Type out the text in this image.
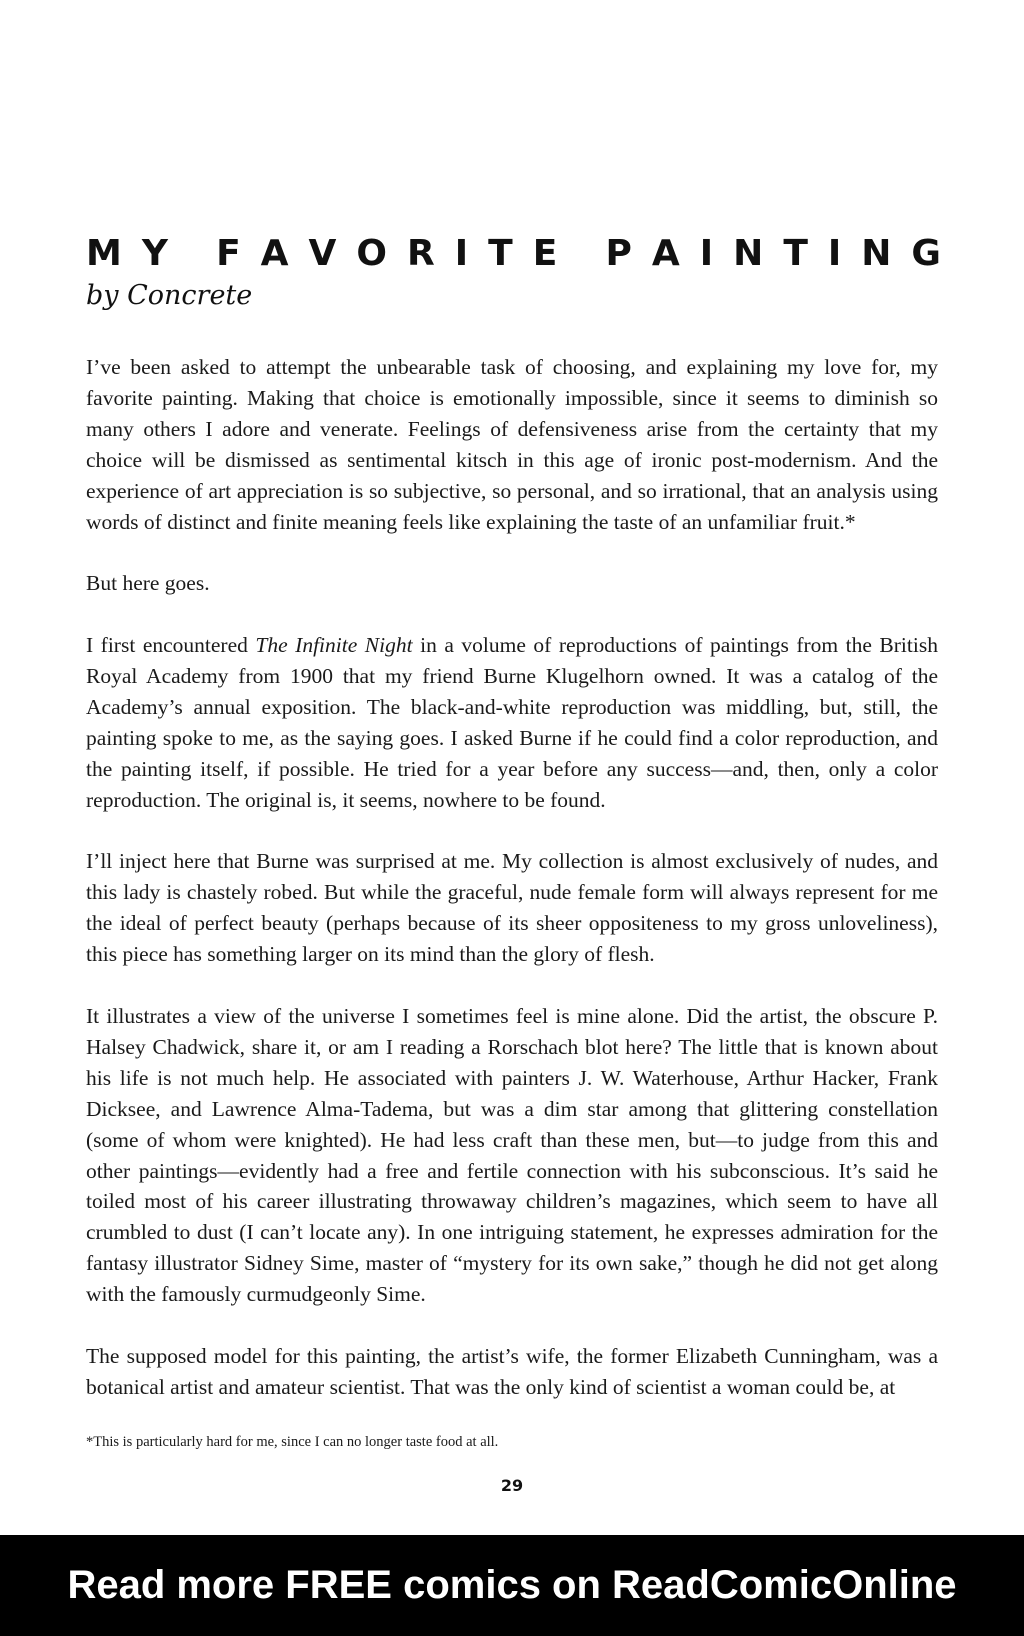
M Y F A V O R I T E P A I N T I N G

by Concrete

I’ve been asked to attempt the unbearable task of choosing, and explaining my love for, my favorite painting. Making that choice is emotionally impossible, since it seems to diminish so many others I adore and venerate. Feelings of defensiveness arise from the certainty that my choice will be dismissed as sentimental kitsch in this age of ironic post-modernism. And the experience of art appreciation is so subjective, so personal, and so irrational, that an analysis using words of distinct and finite meaning feels like explaining the taste of an unfamiliar fruit.*

But here goes.

I first encountered The Infinite Night in a volume of reproductions of paintings from the British Royal Academy from 1900 that my friend Burne Klugelhorn owned. It was a catalog of the Academy’s annual exposition. The black-and-white reproduction was middling, but, still, the painting spoke to me, as the saying goes. I asked Burne if he could find a color reproduction, and the painting itself, if possible. He tried for a year before any success—and, then, only a color reproduction. The original is, it seems, nowhere to be found.

I’ll inject here that Burne was surprised at me. My collection is almost exclusively of nudes, and this lady is chastely robed. But while the graceful, nude female form will always represent for me the ideal of perfect beauty (perhaps because of its sheer oppositeness to my gross unloveliness), this piece has something larger on its mind than the glory of flesh.

It illustrates a view of the universe I sometimes feel is mine alone. Did the artist, the obscure P. Halsey Chadwick, share it, or am I reading a Rorschach blot here? The little that is known about his life is not much help. He associated with painters J. W. Waterhouse, Arthur Hacker, Frank Dicksee, and Lawrence Alma-Tadema, but was a dim star among that glittering constellation (some of whom were knighted). He had less craft than these men, but—to judge from this and other paintings—evidently had a free and fertile connection with his subconscious. It’s said he toiled most of his career illustrating throwaway children’s magazines, which seem to have all crumbled to dust (I can’t locate any). In one intriguing statement, he expresses admiration for the fantasy illustrator Sidney Sime, master of “mystery for its own sake,” though he did not get along with the famously curmudgeonly Sime.

The supposed model for this painting, the artist’s wife, the former Elizabeth Cunningham, was a botanical artist and amateur scientist. That was the only kind of scientist a woman could be, at

*This is particularly hard for me, since I can no longer taste food at all.

29

Read more FREE comics on ReadComicOnline
